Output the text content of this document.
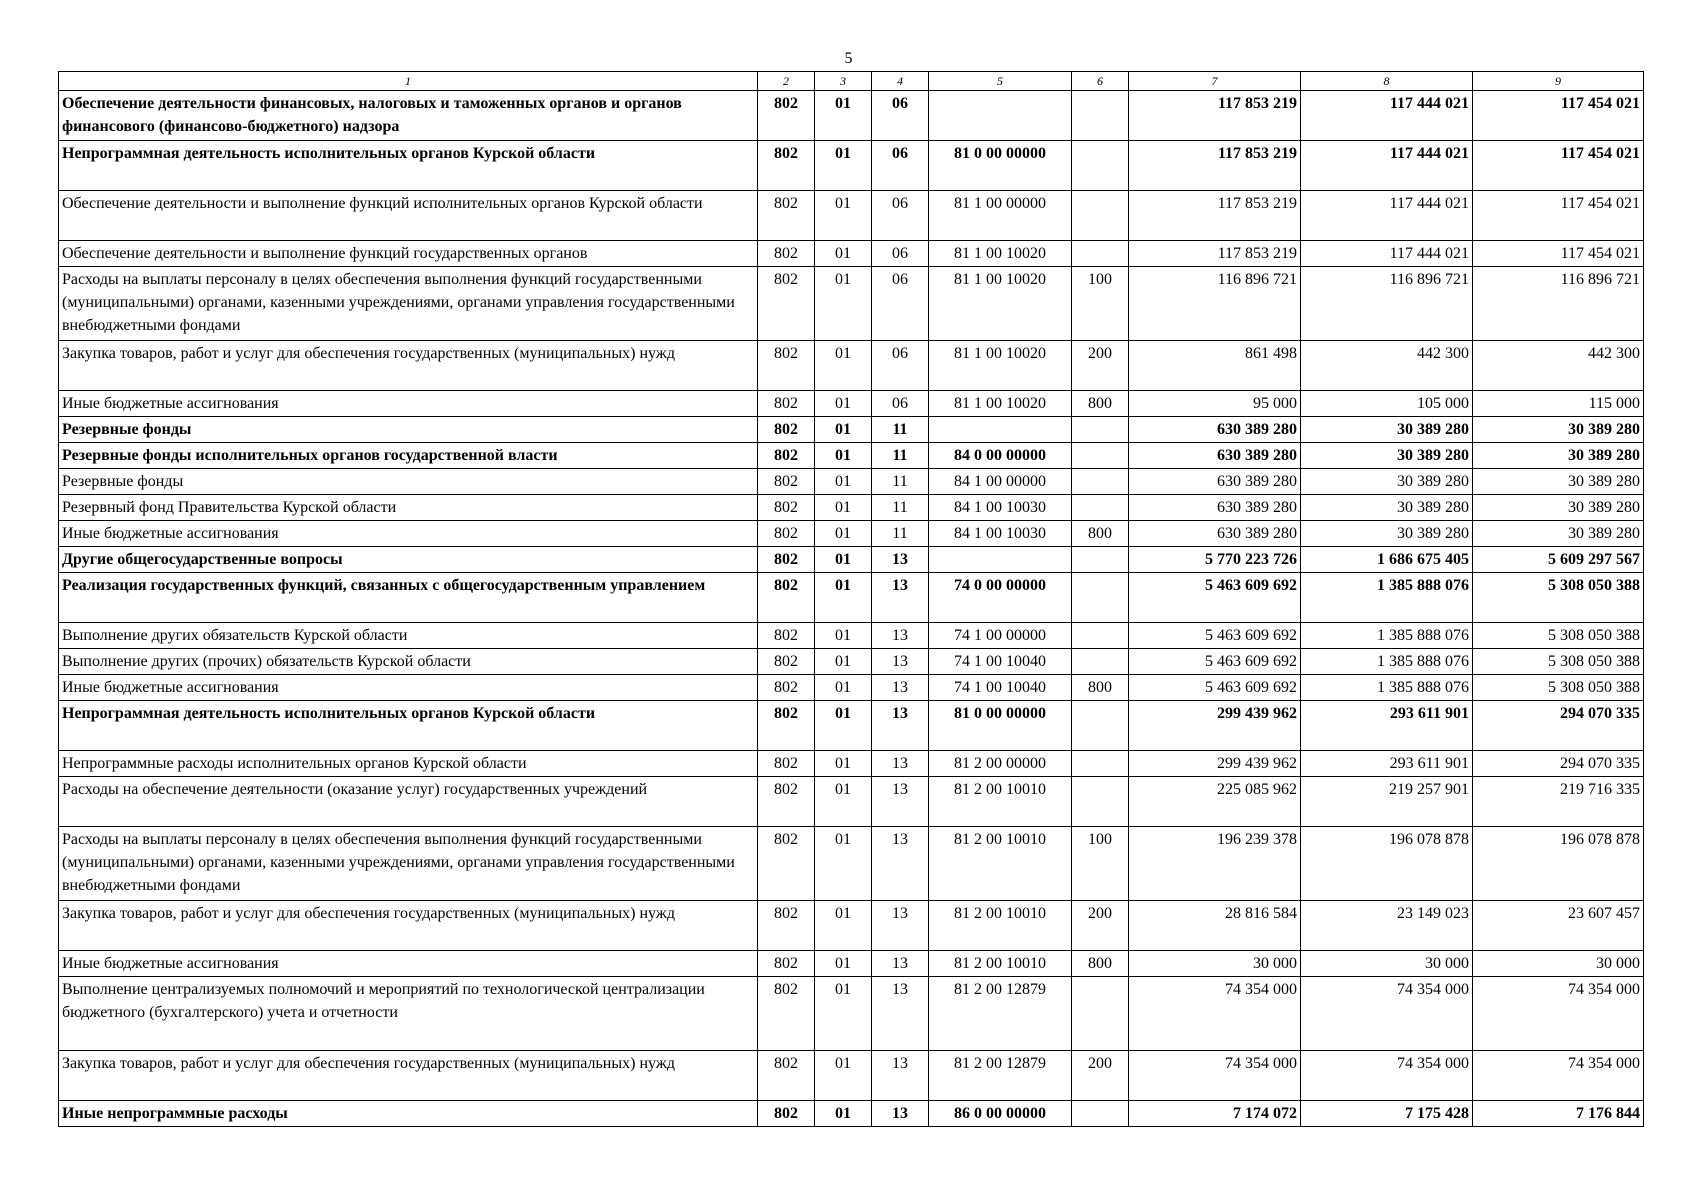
5
1	2	3	4	5	6	7	8	9
Обеспечение деятельности финансовых, налоговых и таможенных органов и органов финансового (финансово-бюджетного) надзора	802	01	06			117 853 219	117 444 021	117 454 021
Непрограммная деятельность исполнительных органов Курской области	802	01	06	81 0 00 00000		117 853 219	117 444 021	117 454 021
Обеспечение деятельности и выполнение функций исполнительных органов Курской области	802	01	06	81 1 00 00000		117 853 219	117 444 021	117 454 021
Обеспечение деятельности и выполнение функций государственных органов	802	01	06	81 1 00 10020		117 853 219	117 444 021	117 454 021
Расходы на выплаты персоналу в целях обеспечения выполнения функций государственными (муниципальными) органами, казенными учреждениями, органами управления государственными внебюджетными фондами	802	01	06	81 1 00 10020	100	116 896 721	116 896 721	116 896 721
Закупка товаров, работ и услуг для обеспечения государственных (муниципальных) нужд	802	01	06	81 1 00 10020	200	861 498	442 300	442 300
Иные бюджетные ассигнования	802	01	06	81 1 00 10020	800	95 000	105 000	115 000
Резервные фонды	802	01	11			630 389 280	30 389 280	30 389 280
Резервные фонды исполнительных органов государственной власти	802	01	11	84 0 00 00000		630 389 280	30 389 280	30 389 280
Резервные фонды	802	01	11	84 1 00 00000		630 389 280	30 389 280	30 389 280
Резервный фонд Правительства Курской области	802	01	11	84 1 00 10030		630 389 280	30 389 280	30 389 280
Иные бюджетные ассигнования	802	01	11	84 1 00 10030	800	630 389 280	30 389 280	30 389 280
Другие общегосударственные вопросы	802	01	13			5 770 223 726	1 686 675 405	5 609 297 567
Реализация государственных функций, связанных с общегосударственным управлением	802	01	13	74 0 00 00000		5 463 609 692	1 385 888 076	5 308 050 388
Выполнение других обязательств Курской области	802	01	13	74 1 00 00000		5 463 609 692	1 385 888 076	5 308 050 388
Выполнение других (прочих) обязательств Курской области	802	01	13	74 1 00 10040		5 463 609 692	1 385 888 076	5 308 050 388
Иные бюджетные ассигнования	802	01	13	74 1 00 10040	800	5 463 609 692	1 385 888 076	5 308 050 388
Непрограммная деятельность исполнительных органов Курской области	802	01	13	81 0 00 00000		299 439 962	293 611 901	294 070 335
Непрограммные расходы исполнительных органов Курской области	802	01	13	81 2 00 00000		299 439 962	293 611 901	294 070 335
Расходы на обеспечение деятельности (оказание услуг) государственных учреждений	802	01	13	81 2 00 10010		225 085 962	219 257 901	219 716 335
Расходы на выплаты персоналу в целях обеспечения выполнения функций государственными (муниципальными) органами, казенными учреждениями, органами управления государственными внебюджетными фондами	802	01	13	81 2 00 10010	100	196 239 378	196 078 878	196 078 878
Закупка товаров, работ и услуг для обеспечения государственных (муниципальных) нужд	802	01	13	81 2 00 10010	200	28 816 584	23 149 023	23 607 457
Иные бюджетные ассигнования	802	01	13	81 2 00 10010	800	30 000	30 000	30 000
Выполнение централизуемых полномочий и мероприятий по технологической централизации бюджетного (бухгалтерского) учета и отчетности	802	01	13	81 2 00 12879		74 354 000	74 354 000	74 354 000
Закупка товаров, работ и услуг для обеспечения государственных (муниципальных) нужд	802	01	13	81 2 00 12879	200	74 354 000	74 354 000	74 354 000
Иные непрограммные расходы	802	01	13	86 0 00 00000		7 174 072	7 175 428	7 176 844
